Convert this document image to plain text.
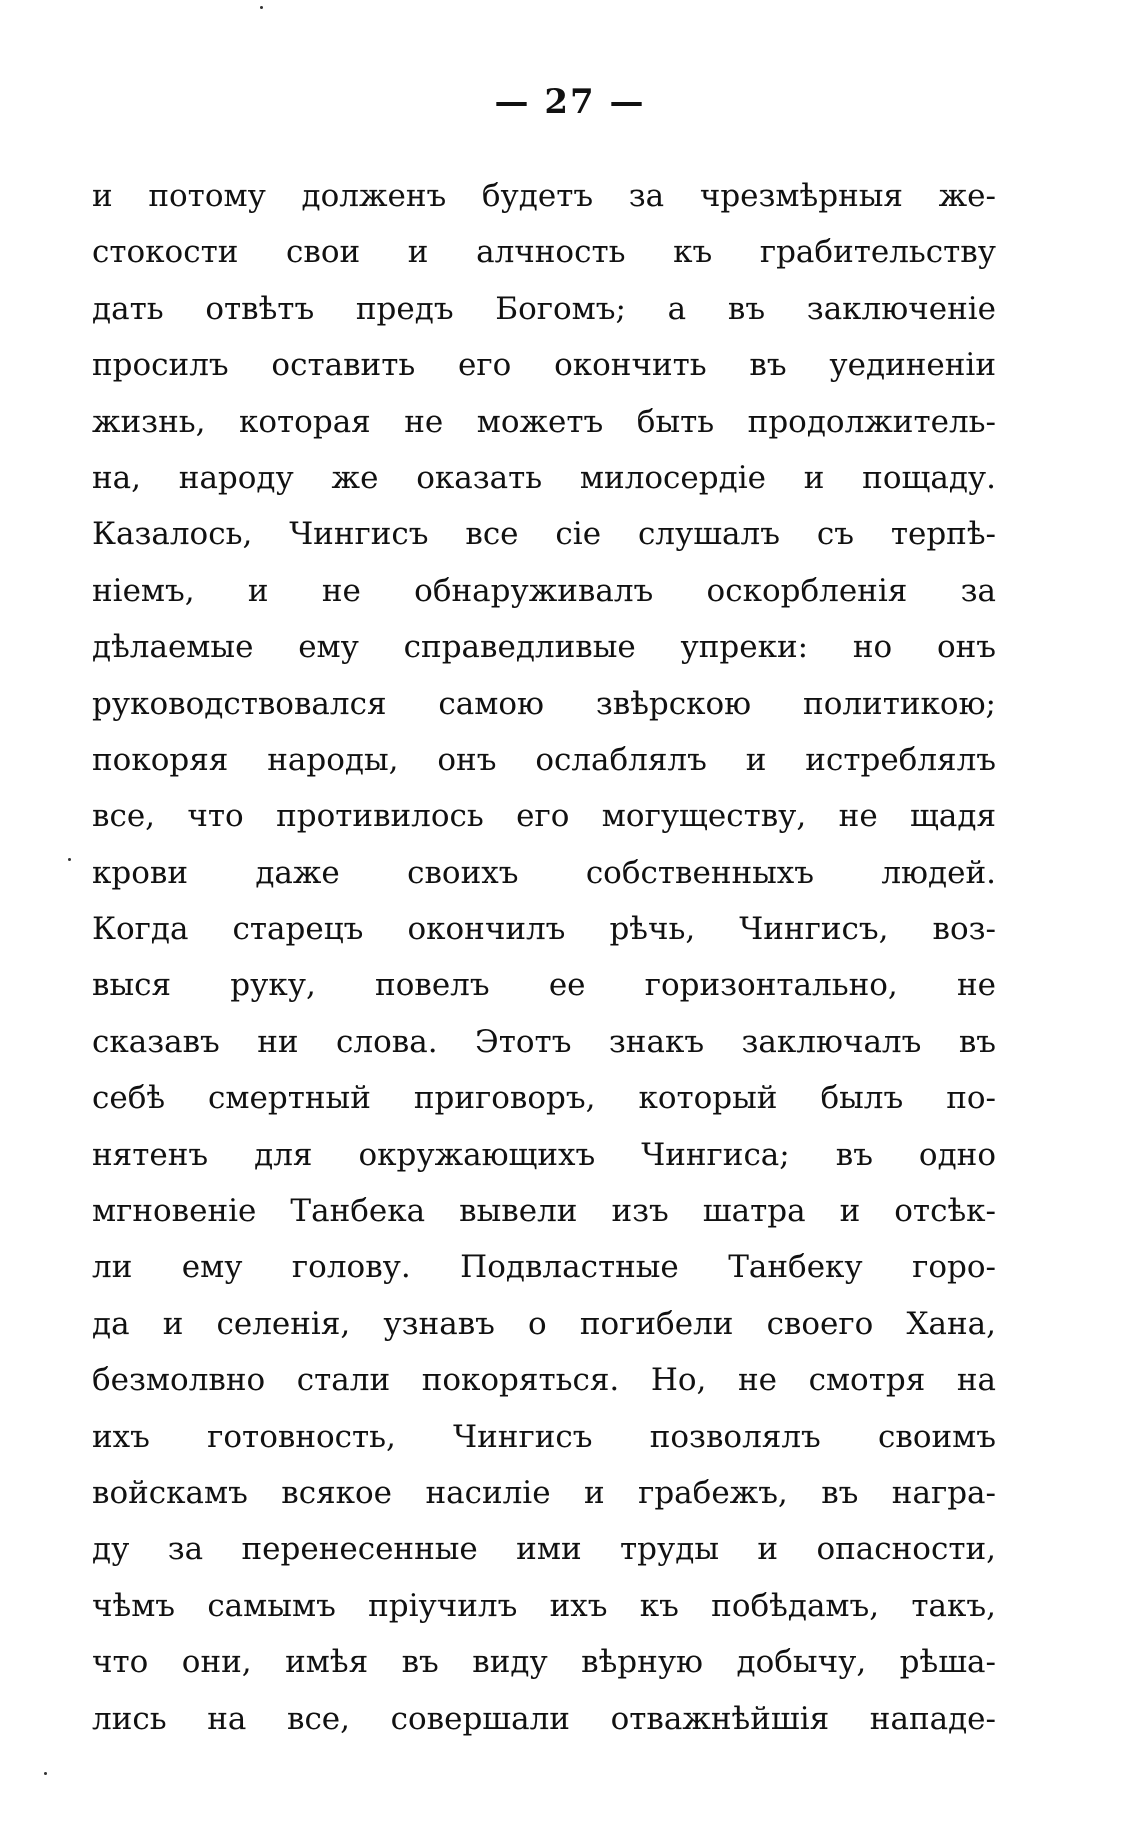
— 27 —
и потому долженъ будетъ за чрезмѣрныя же-
стокости свои и алчность къ грабительству
дать отвѣтъ предъ Богомъ; а въ заключенie
просилъ оставить его окончить въ уединенiи
жизнь, которая не можетъ быть продолжитель-
на, народу же оказать милосердiе и пощаду.
Казалось, Чингисъ все сiе слушалъ съ терпѣ-
нiемъ, и не обнаруживалъ оскорбленiя за
дѣлаемые ему справедливые упреки: но онъ
руководствовался самою звѣрскою политикою;
покоряя народы, онъ ослаблялъ и истреблялъ
все, что противилось его могуществу, не щадя
крови даже своихъ собственныхъ людей.
Когда старецъ окончилъ рѣчь, Чингисъ, воз-
выся руку, повелъ ее горизонтально, не
сказавъ ни слова. Этотъ знакъ заключалъ въ
себѣ смертный приговоръ, который былъ по-
нятенъ для окружающихъ Чингиса; въ одно
мгновенie Танбека вывели изъ шатра и отсѣк-
ли ему голову. Подвластные Танбеку горо-
да и селенiя, узнавъ о погибели своего Хана,
безмолвно стали покоряться. Но, не смотря на
ихъ готовность, Чингисъ позволялъ своимъ
войскамъ всякое насилiе и грабежъ, въ награ-
ду за перенесенные ими труды и опасности,
чѣмъ самымъ прiучилъ ихъ къ побѣдамъ, такъ,
что они, имѣя въ виду вѣрную добычу, рѣша-
лись на все, совершали отважнѣйшiя нападе-
